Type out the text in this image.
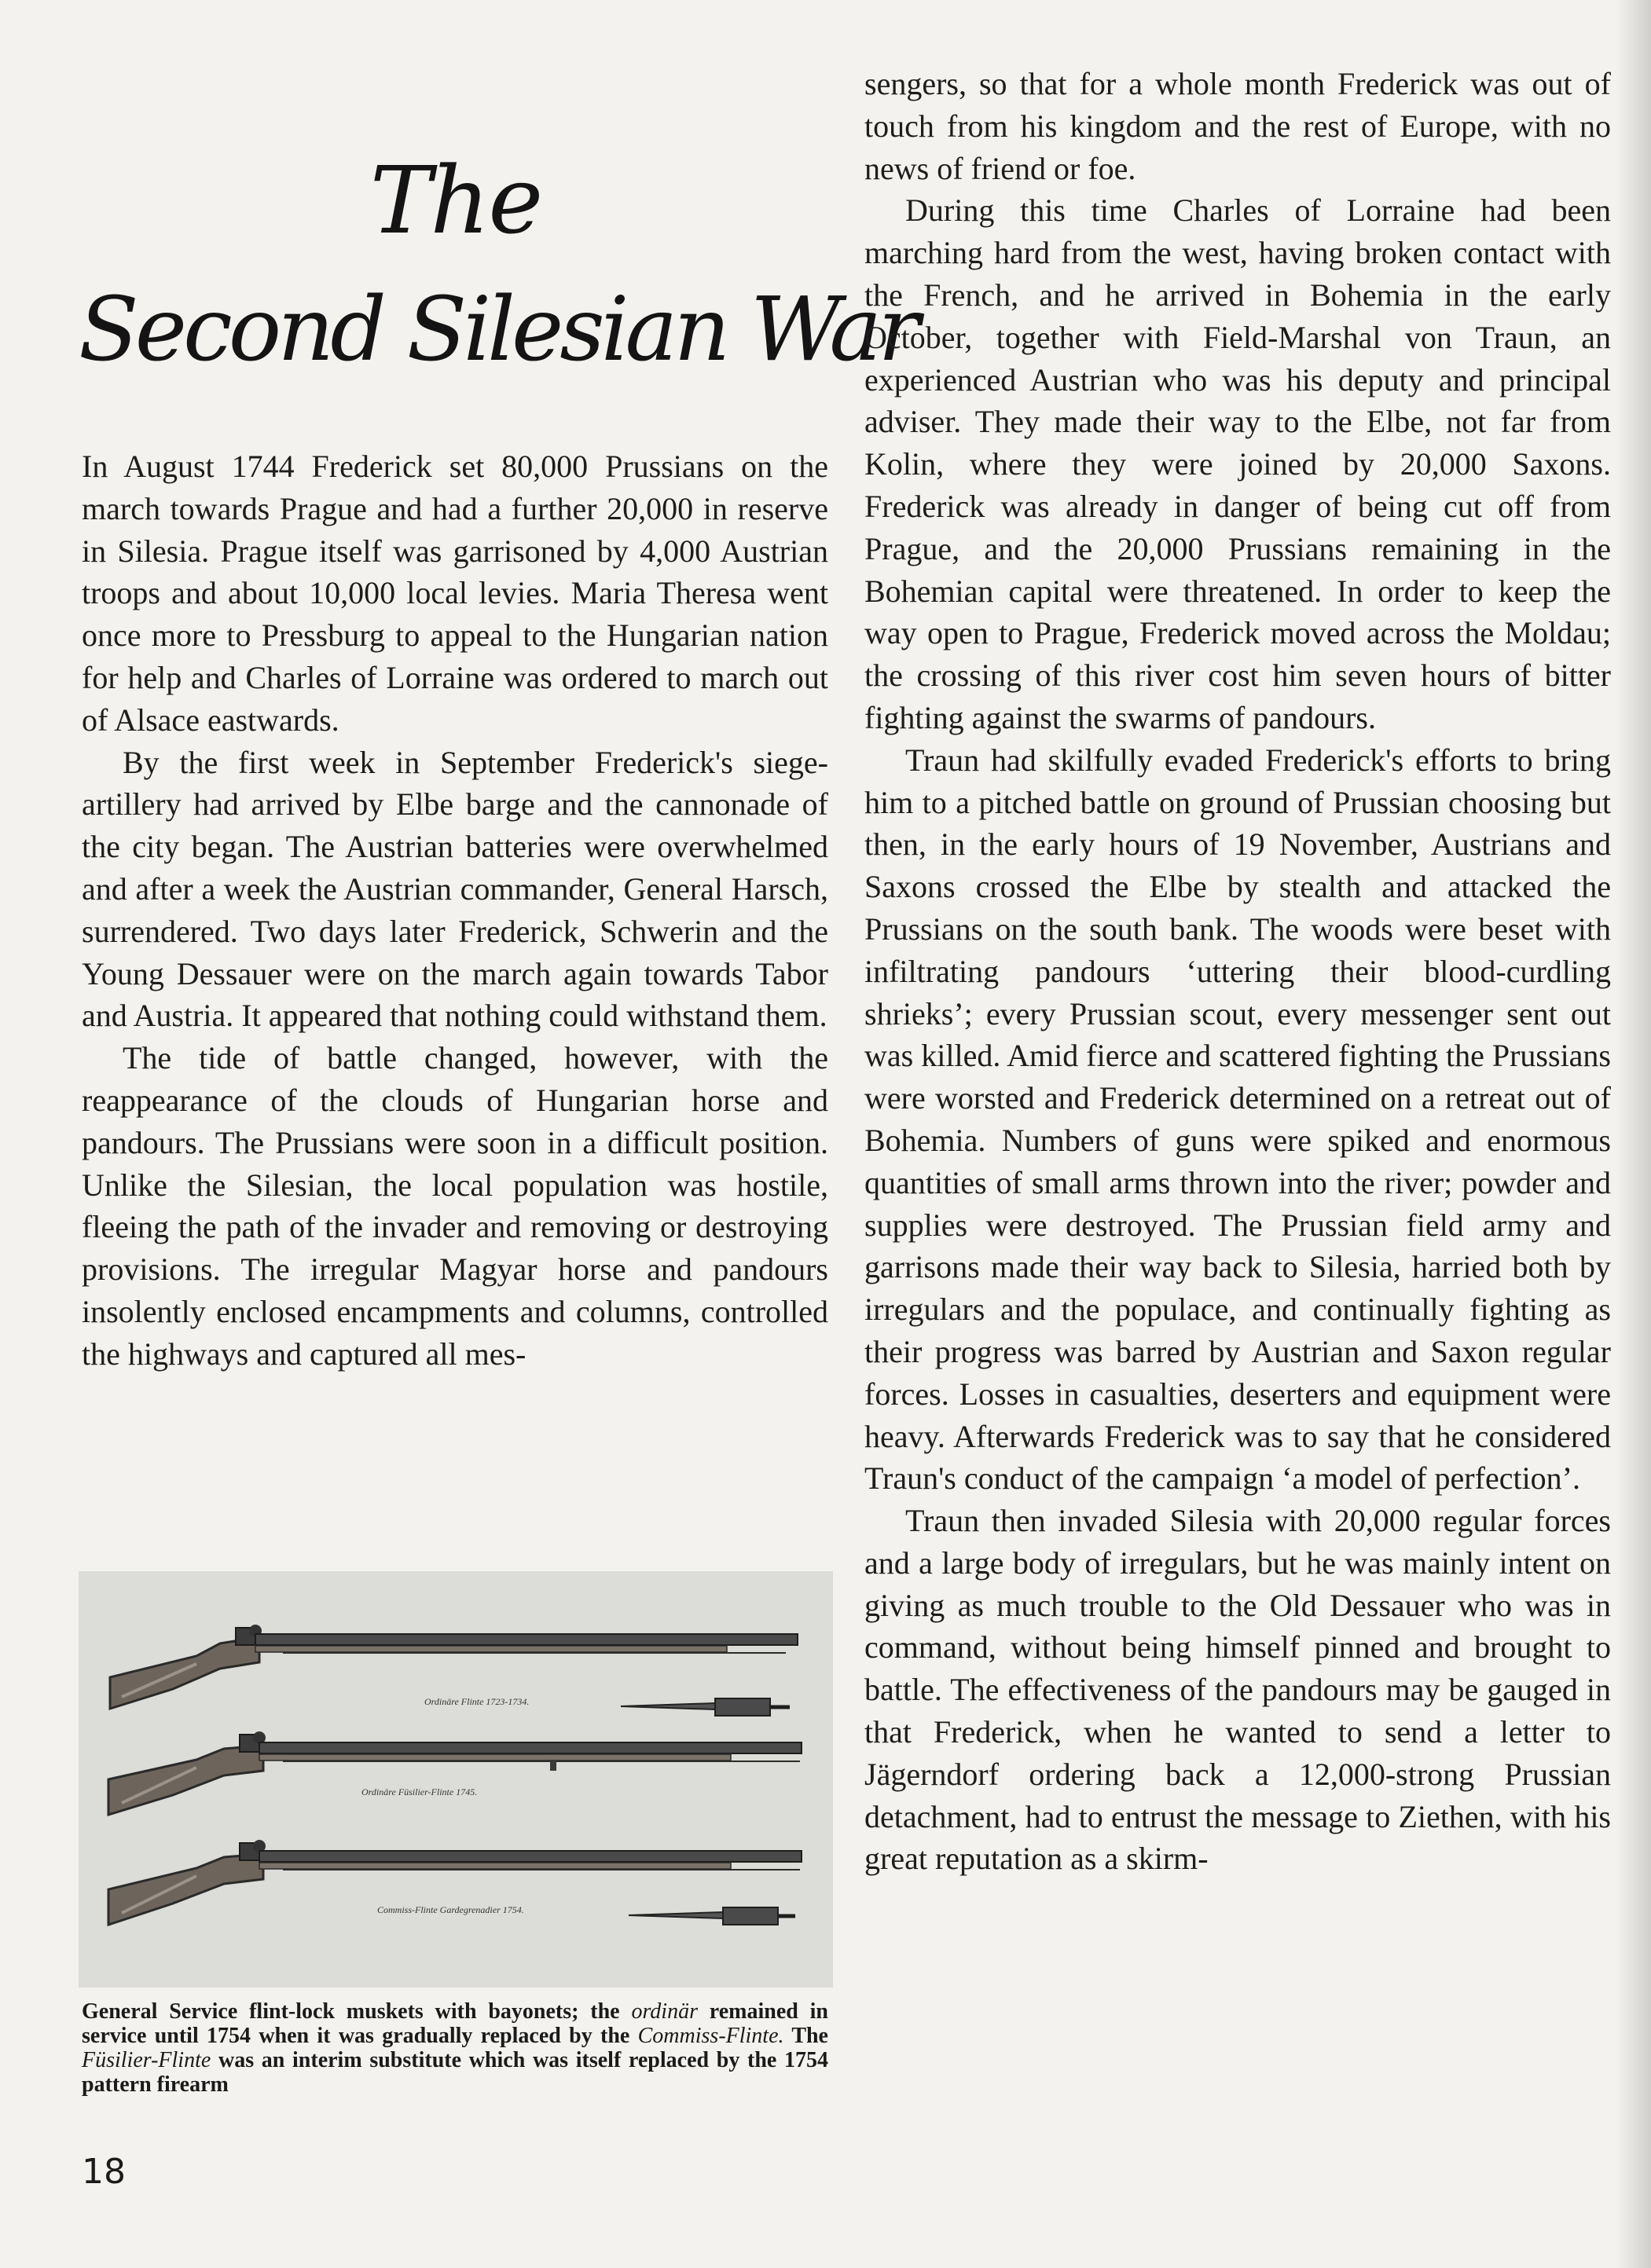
The
Second Silesian War

In August 1744 Frederick set 80,000 Prussians on the march towards Prague and had a further 20,000 in reserve in Silesia. Prague itself was garrisoned by 4,000 Austrian troops and about 10,000 local levies. Maria Theresa went once more to Pressburg to appeal to the Hungarian nation for help and Charles of Lorraine was ordered to march out of Alsace eastwards.

By the first week in September Frederick's siege-artillery had arrived by Elbe barge and the cannonade of the city began. The Austrian batteries were overwhelmed and after a week the Austrian commander, General Harsch, surrendered. Two days later Frederick, Schwerin and the Young Dessauer were on the march again towards Tabor and Austria. It appeared that nothing could withstand them.

The tide of battle changed, however, with the reappearance of the clouds of Hungarian horse and pandours. The Prussians were soon in a difficult position. Unlike the Silesian, the local population was hostile, fleeing the path of the invader and removing or destroying provisions. The irregular Magyar horse and pandours insolently enclosed encampments and columns, controlled the highways and captured all mes-

Ordinäre Flinte 1723-1734.
Ordinäre Füsilier-Flinte 1745.
Commiss-Flinte Gardegrenadier 1754.
General Service flint-lock muskets with bayonets; the ordinär remained in service until 1754 when it was gradually replaced by the Commiss-Flinte. The Füsilier-Flinte was an interim substitute which was itself replaced by the 1754 pattern firearm
18

sengers, so that for a whole month Frederick was out of touch from his kingdom and the rest of Europe, with no news of friend or foe.

During this time Charles of Lorraine had been marching hard from the west, having broken contact with the French, and he arrived in Bohemia in the early October, together with Field-Marshal von Traun, an experienced Austrian who was his deputy and principal adviser. They made their way to the Elbe, not far from Kolin, where they were joined by 20,000 Saxons. Frederick was already in danger of being cut off from Prague, and the 20,000 Prussians remaining in the Bohemian capital were threatened. In order to keep the way open to Prague, Frederick moved across the Moldau; the crossing of this river cost him seven hours of bitter fighting against the swarms of pandours.

Traun had skilfully evaded Frederick's efforts to bring him to a pitched battle on ground of Prussian choosing but then, in the early hours of 19 November, Austrians and Saxons crossed the Elbe by stealth and attacked the Prussians on the south bank. The woods were beset with infiltrating pandours ‘uttering their blood-curdling shrieks’; every Prussian scout, every messenger sent out was killed. Amid fierce and scattered fighting the Prussians were worsted and Frederick determined on a retreat out of Bohemia. Numbers of guns were spiked and enormous quantities of small arms thrown into the river; powder and supplies were destroyed. The Prussian field army and garrisons made their way back to Silesia, harried both by irregulars and the populace, and continually fighting as their progress was barred by Austrian and Saxon regular forces. Losses in casualties, deserters and equipment were heavy. Afterwards Frederick was to say that he considered Traun's conduct of the campaign ‘a model of perfection’.

Traun then invaded Silesia with 20,000 regular forces and a large body of irregulars, but he was mainly intent on giving as much trouble to the Old Dessauer who was in command, without being himself pinned and brought to battle. The effectiveness of the pandours may be gauged in that Frederick, when he wanted to send a letter to Jägerndorf ordering back a 12,000-strong Prussian detachment, had to entrust the message to Ziethen, with his great reputation as a skirm-
